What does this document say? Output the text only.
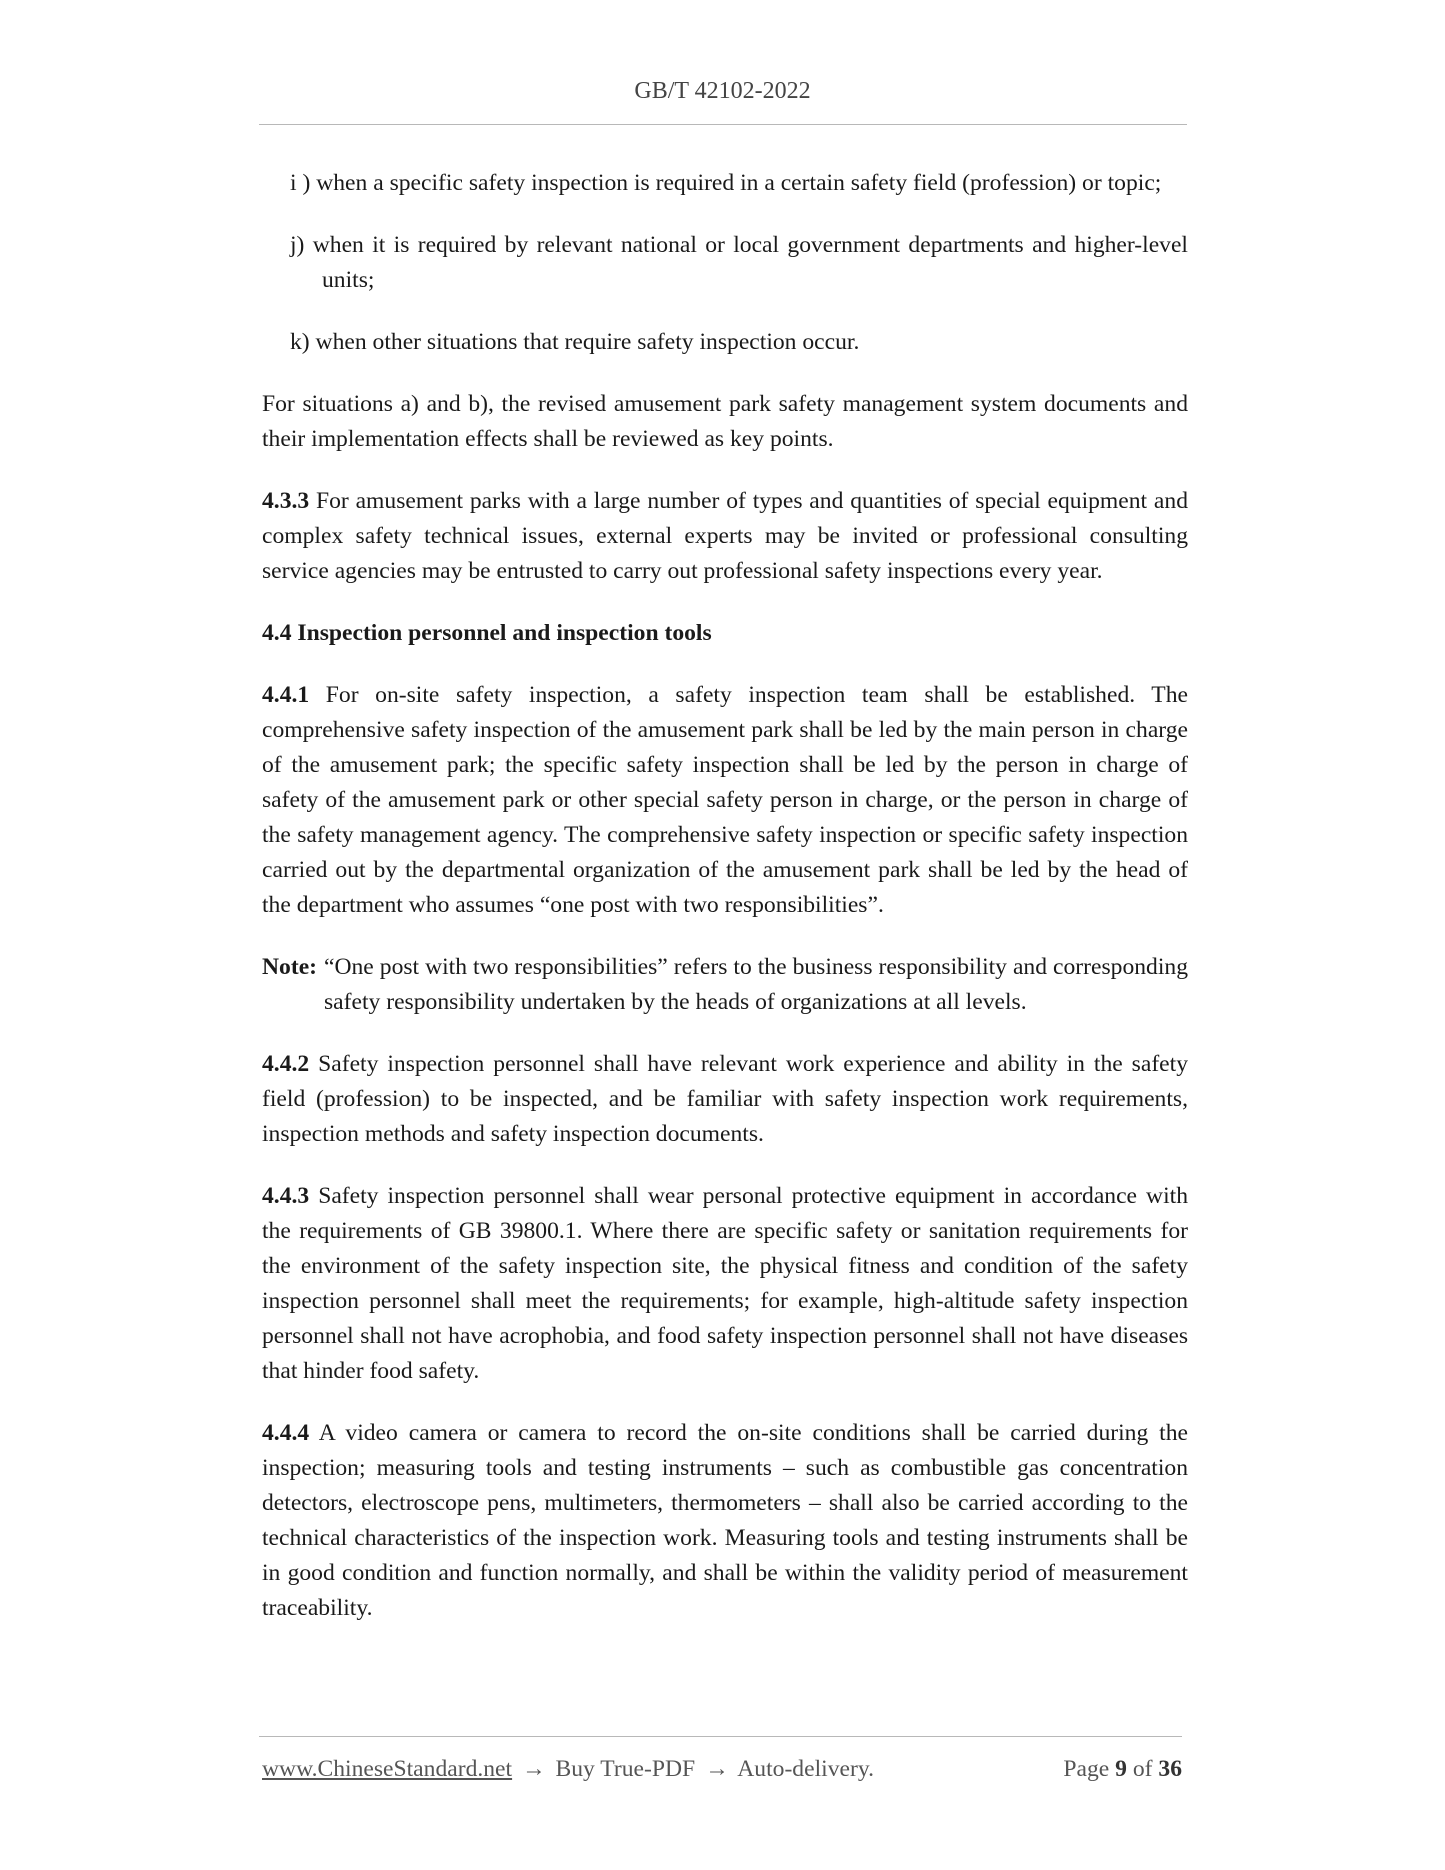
GB/T 42102-2022

i ) when a specific safety inspection is required in a certain safety field (profession) or topic;

j) when it is required by relevant national or local government departments and higher-level units;

k) when other situations that require safety inspection occur.

For situations a) and b), the revised amusement park safety management system documents and their implementation effects shall be reviewed as key points.

4.3.3 For amusement parks with a large number of types and quantities of special equipment and complex safety technical issues, external experts may be invited or professional consulting service agencies may be entrusted to carry out professional safety inspections every year.

4.4 Inspection personnel and inspection tools

4.4.1 For on-site safety inspection, a safety inspection team shall be established. The comprehensive safety inspection of the amusement park shall be led by the main person in charge of the amusement park; the specific safety inspection shall be led by the person in charge of safety of the amusement park or other special safety person in charge, or the person in charge of the safety management agency. The comprehensive safety inspection or specific safety inspection carried out by the departmental organization of the amusement park shall be led by the head of the department who assumes “one post with two responsibilities”.

Note: “One post with two responsibilities” refers to the business responsibility and corresponding safety responsibility undertaken by the heads of organizations at all levels.

4.4.2 Safety inspection personnel shall have relevant work experience and ability in the safety field (profession) to be inspected, and be familiar with safety inspection work requirements, inspection methods and safety inspection documents.

4.4.3 Safety inspection personnel shall wear personal protective equipment in accordance with the requirements of GB 39800.1. Where there are specific safety or sanitation requirements for the environment of the safety inspection site, the physical fitness and condition of the safety inspection personnel shall meet the requirements; for example, high-altitude safety inspection personnel shall not have acrophobia, and food safety inspection personnel shall not have diseases that hinder food safety.

4.4.4 A video camera or camera to record the on-site conditions shall be carried during the inspection; measuring tools and testing instruments – such as combustible gas concentration detectors, electroscope pens, multimeters, thermometers – shall also be carried according to the technical characteristics of the inspection work. Measuring tools and testing instruments shall be in good condition and function normally, and shall be within the validity period of measurement traceability.

www.ChineseStandard.net → Buy True-PDF → Auto-delivery.	Page 9 of 36
